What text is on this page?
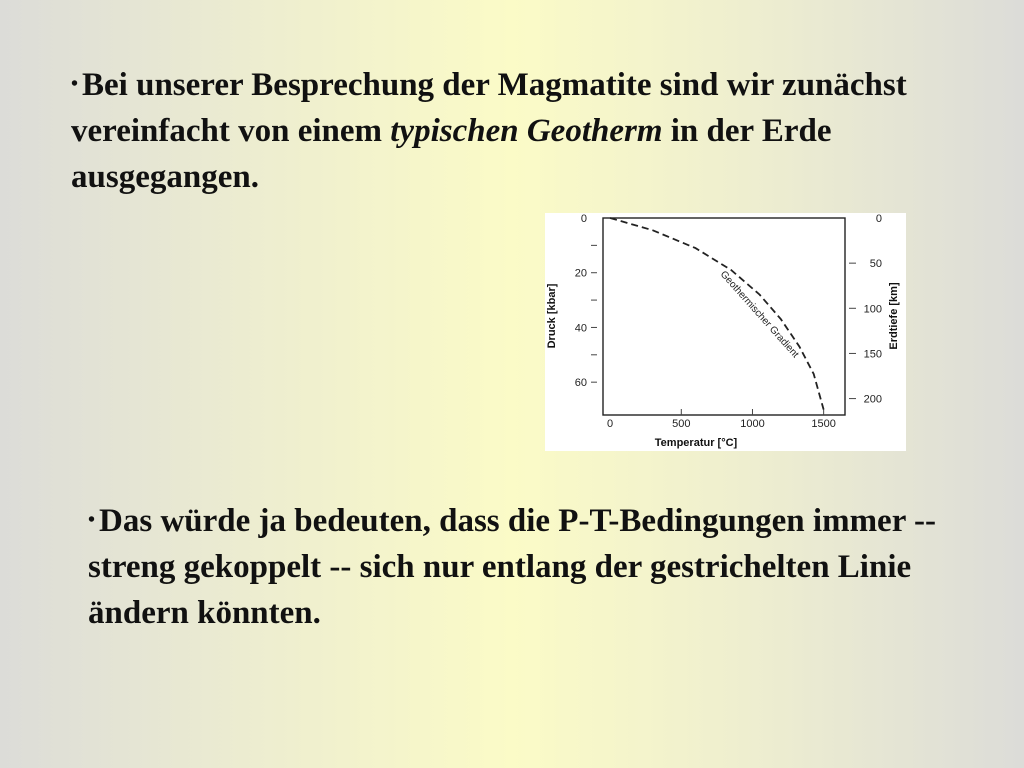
• Bei unserer Besprechung der Magmatite sind wir zunächst vereinfacht von einem typischen Geotherm in der Erde ausgegangen.

0	500	1000	1500
0
20
40
60
0
50
100
150
200
Geothermischer Gradient
Temperatur [°C]
Druck [kbar]	Erdtiefe [km]

• Das würde ja bedeuten, dass die P-T-Bedingungen immer -- streng gekoppelt -- sich nur entlang der gestrichelten Linie ändern könnten.
